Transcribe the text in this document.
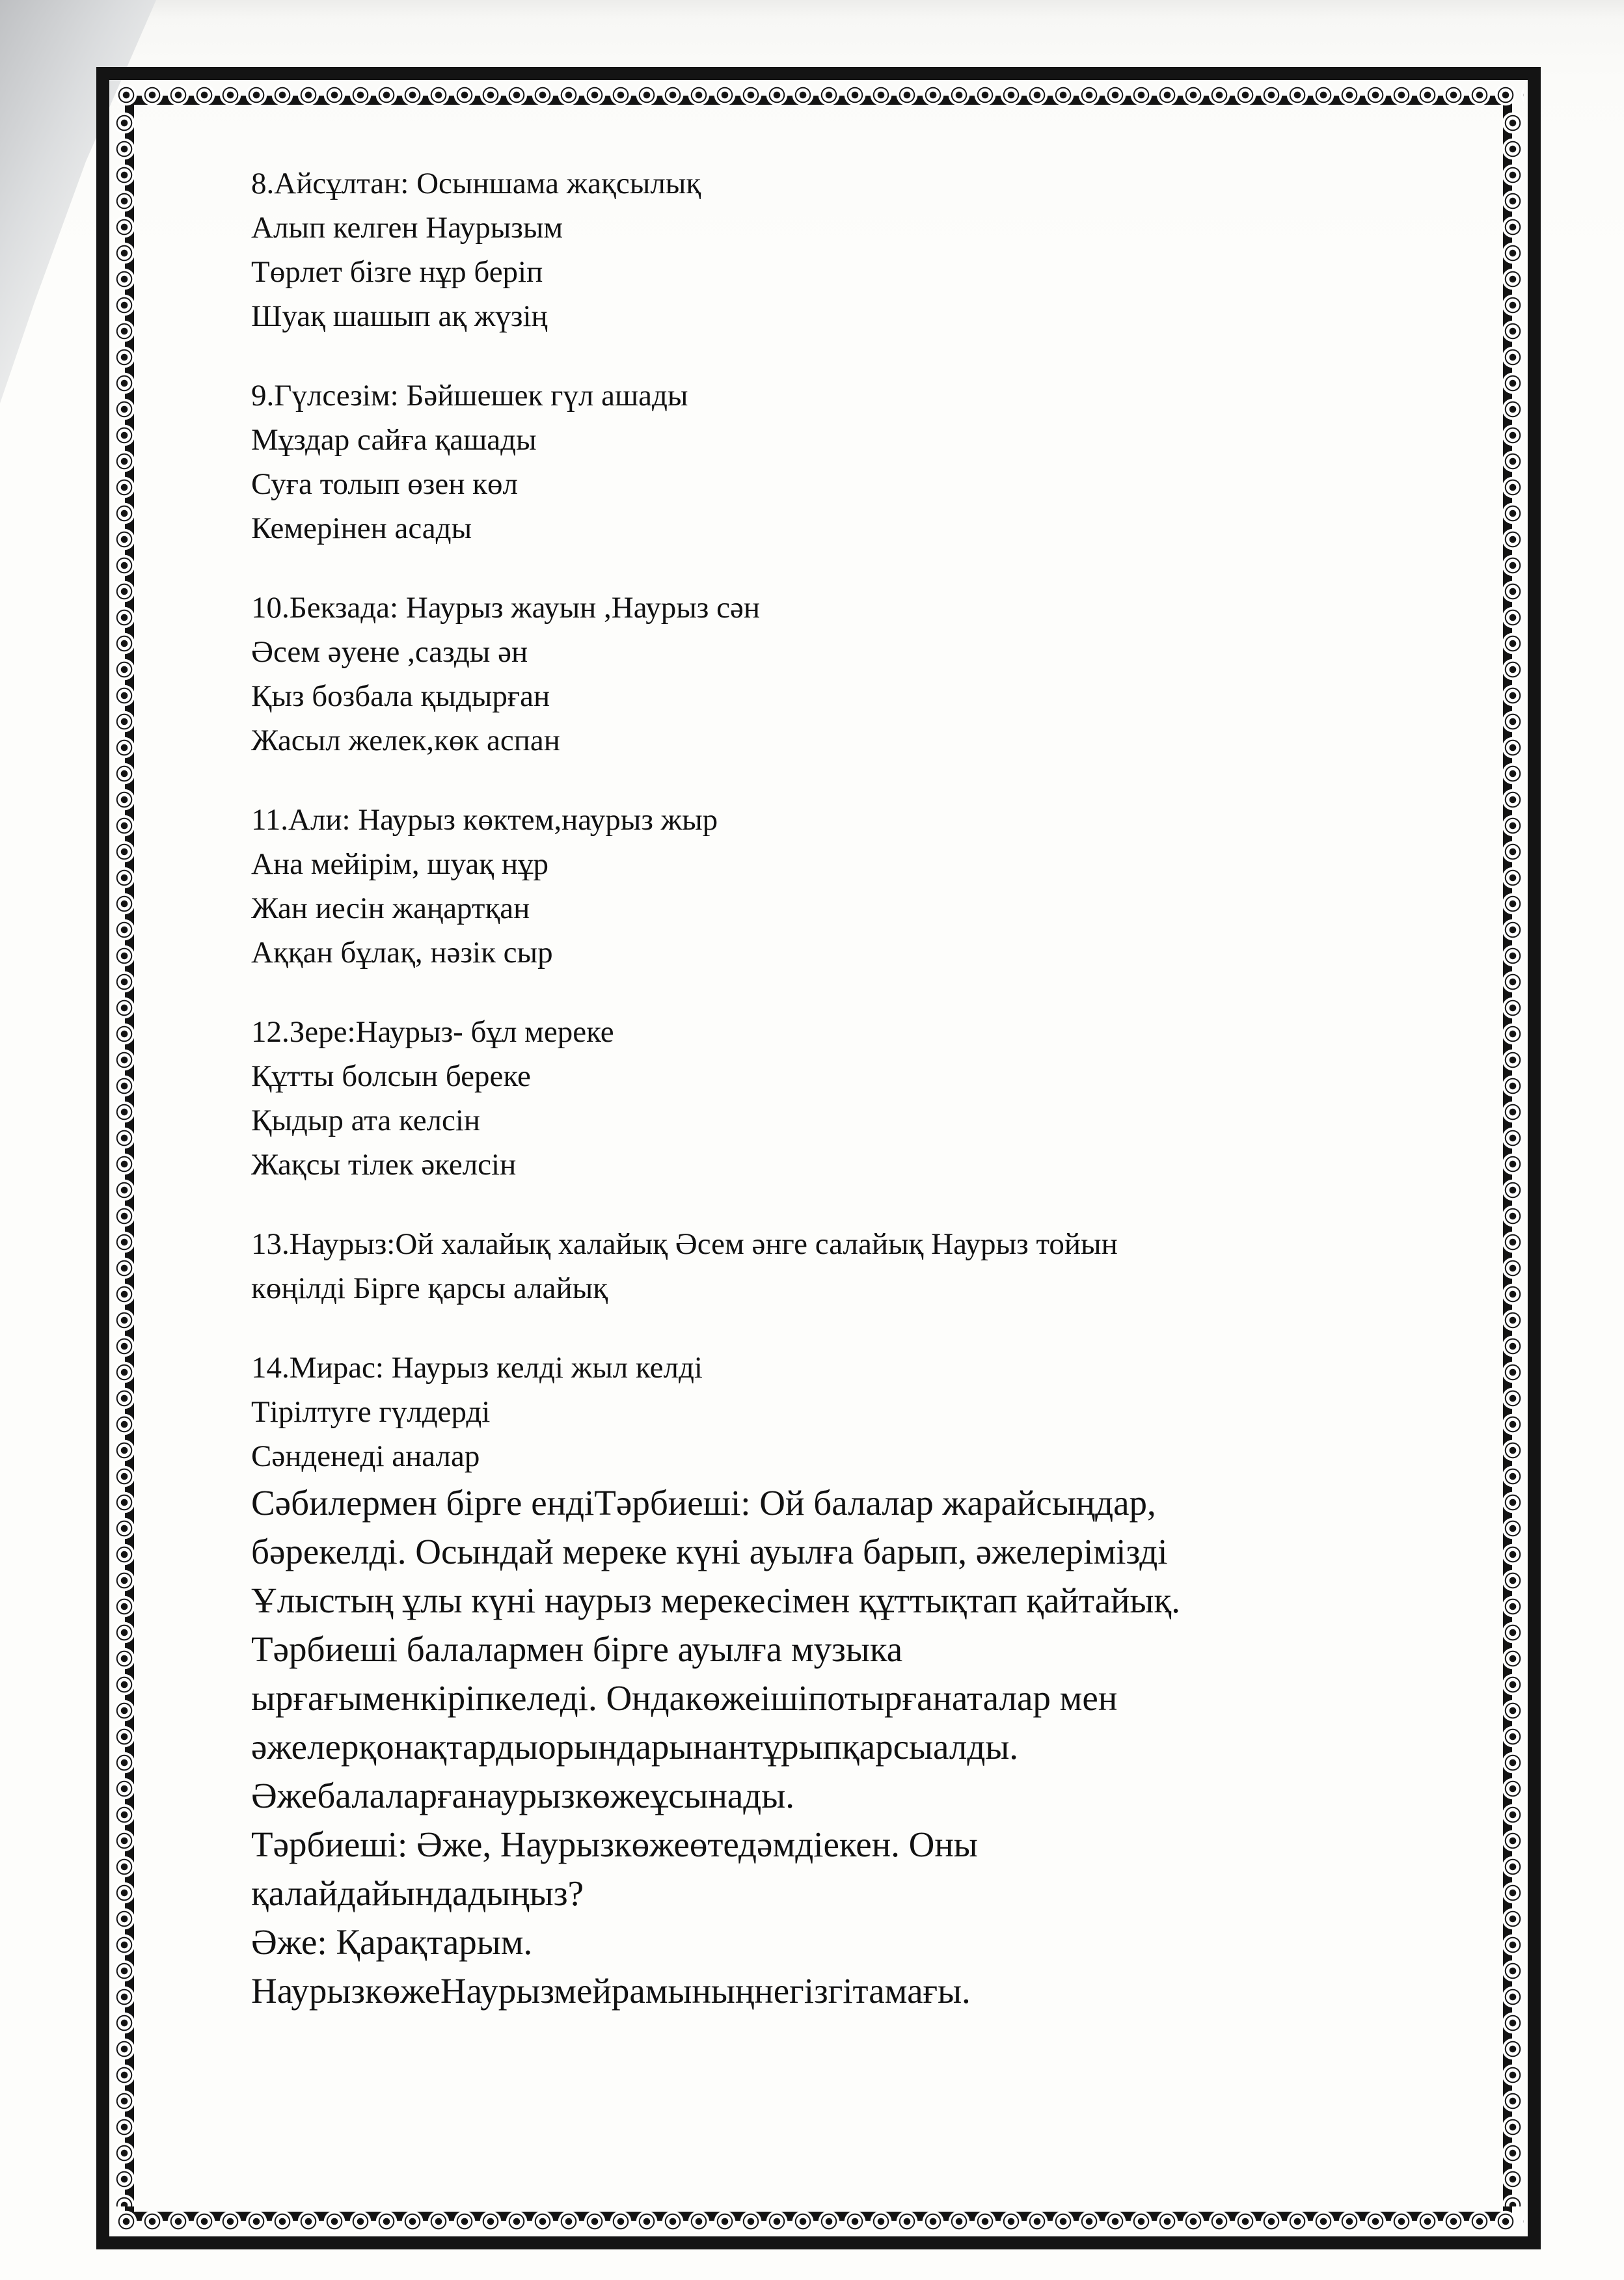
8.Айсұлтан: Осыншама жақсылық
Алып келген Наурызым
Төрлет бізге нұр беріп
Шуақ шашып ақ жүзің
9.Гүлсезім: Бәйшешек гүл ашады
Мұздар сайға қашады
Суға толып өзен көл
Кемерінен асады
10.Бекзада: Наурыз жауын ,Наурыз сән
Әсем әуене ,сазды ән
Қыз бозбала қыдырған
Жасыл желек,көк аспан
11.Али: Наурыз көктем,наурыз жыр
Ана мейірім, шуақ нұр
Жан иесін жаңартқан
Аққан бұлақ, нәзік сыр
12.Зере:Наурыз- бұл мереке
Құтты болсын береке
Қыдыр ата келсін
Жақсы тілек әкелсін
13.Наурыз:Ой халайық халайық Әсем әнге салайық Наурыз тойын
көңілді Бірге қарсы алайық
14.Мирас: Наурыз келді жыл келді
Тірілтуге гүлдерді
Сәнденеді аналар
Сәбилермен бірге ендіТәрбиеші: Ой балалар жарайсыңдар,
бәрекелді. Осындай мереке күні ауылға барып, әжелерімізді
Ұлыстың ұлы күні наурыз мерекесімен құттықтап қайтайық.
Тәрбиеші балалармен бірге ауылға музыка
ырғағыменкіріпкеледі. Ондакөжеішіпотырғанаталар мен
әжелерқонақтардыорындарынантұрыпқарсыалды.
Әжебалаларғанаурызкөжеұсынады.
Тәрбиеші: Әже, Наурызкөжеөтедәмдіекен. Оны
қалайдайындадыңыз?
Әже: Қарақтарым.
НаурызкөжеНаурызмейрамыныңнегізгітамағы.
